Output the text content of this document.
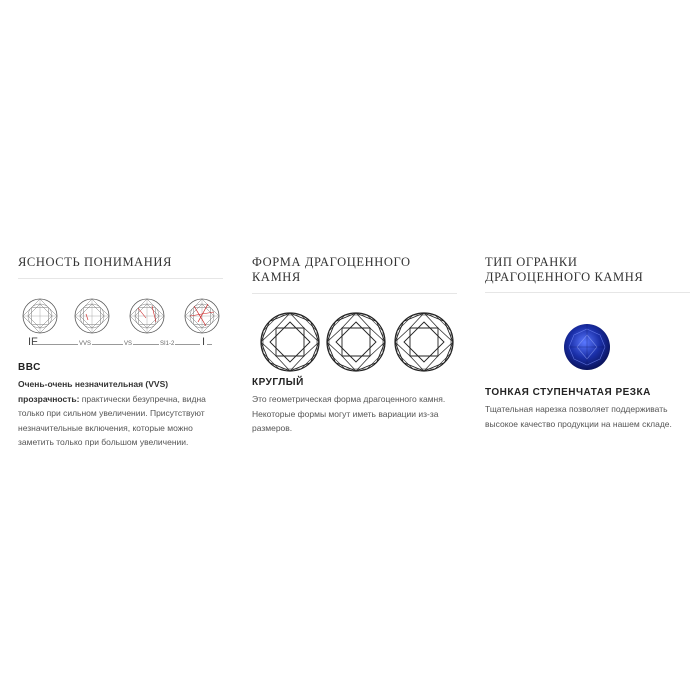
ЯСНОСТЬ ПОНИМАНИЯ
IF	VVS	VS	SI1-2	I

ВВС

Очень-очень незначительная (VVS) прозрачность: практически безупречна, видна только при сильном увеличении. Присутствуют незначительные включения, которые можно заметить только при большом увеличении.
ФОРМА ДРАГОЦЕННОГО КАМНЯ

КРУГЛЫЙ

Это геометрическая форма драгоценного камня. Некоторые формы могут иметь вариации из-за размеров.
ТИП ОГРАНКИ ДРАГОЦЕННОГО КАМНЯ

ТОНКАЯ СТУПЕНЧАТАЯ РЕЗКА

Тщательная нарезка позволяет поддерживать высокое качество продукции на нашем складе.
